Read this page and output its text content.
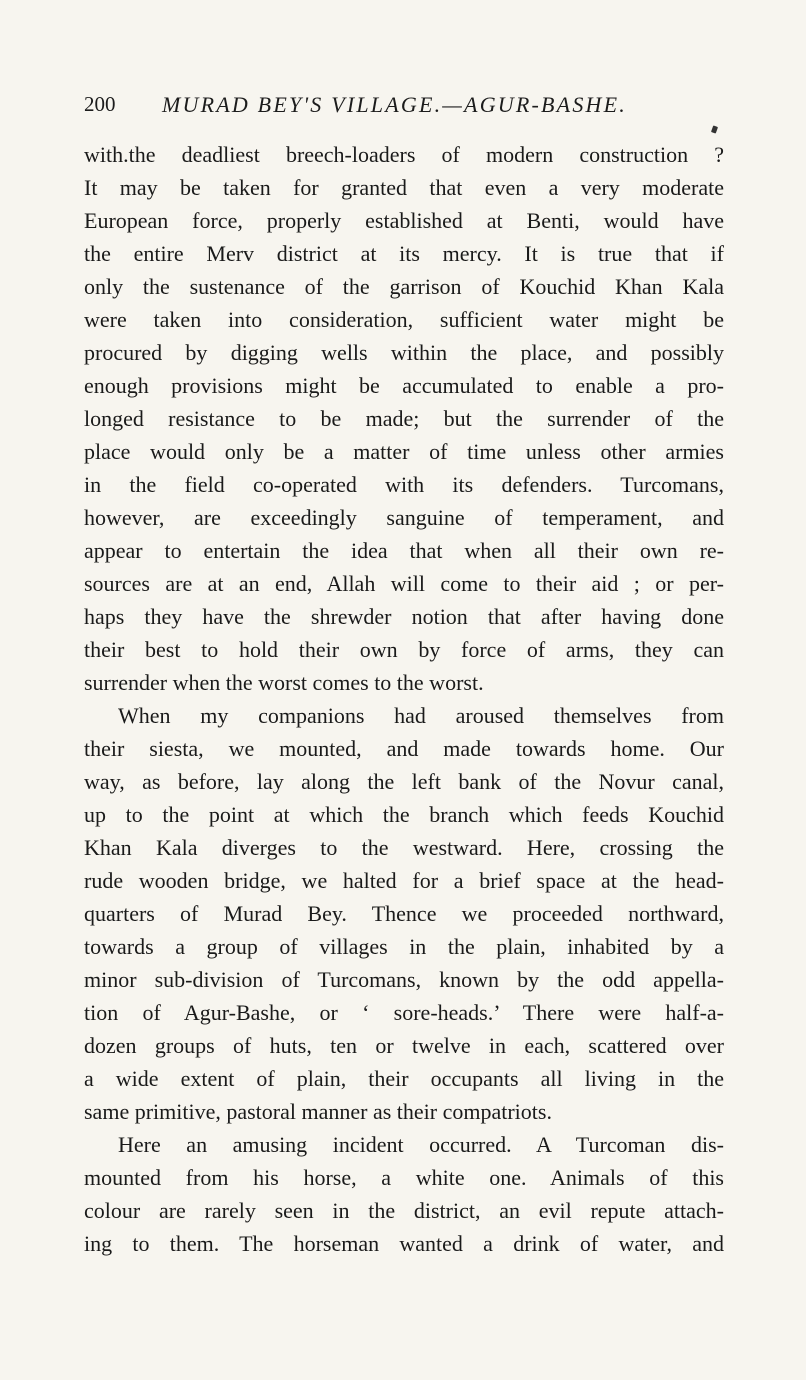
200 MURAD BEY'S VILLAGE.—AGUR-BASHE.
with.the deadliest breech-loaders of modern construction ?
It may be taken for granted that even a very moderate
European force, properly established at Benti, would have
the entire Merv district at its mercy. It is true that if
only the sustenance of the garrison of Kouchid Khan Kala
were taken into consideration, sufficient water might be
procured by digging wells within the place, and possibly
enough provisions might be accumulated to enable a pro-
longed resistance to be made; but the surrender of the
place would only be a matter of time unless other armies
in the field co-operated with its defenders. Turcomans,
however, are exceedingly sanguine of temperament, and
appear to entertain the idea that when all their own re-
sources are at an end, Allah will come to their aid ; or per-
haps they have the shrewder notion that after having done
their best to hold their own by force of arms, they can
surrender when the worst comes to the worst.
When my companions had aroused themselves from
their siesta, we mounted, and made towards home. Our
way, as before, lay along the left bank of the Novur canal,
up to the point at which the branch which feeds Kouchid
Khan Kala diverges to the westward. Here, crossing the
rude wooden bridge, we halted for a brief space at the head-
quarters of Murad Bey. Thence we proceeded northward,
towards a group of villages in the plain, inhabited by a
minor sub-division of Turcomans, known by the odd appella-
tion of Agur-Bashe, or ‘ sore-heads.’ There were half-a-
dozen groups of huts, ten or twelve in each, scattered over
a wide extent of plain, their occupants all living in the
same primitive, pastoral manner as their compatriots.
Here an amusing incident occurred. A Turcoman dis-
mounted from his horse, a white one. Animals of this
colour are rarely seen in the district, an evil repute attach-
ing to them. The horseman wanted a drink of water, and
